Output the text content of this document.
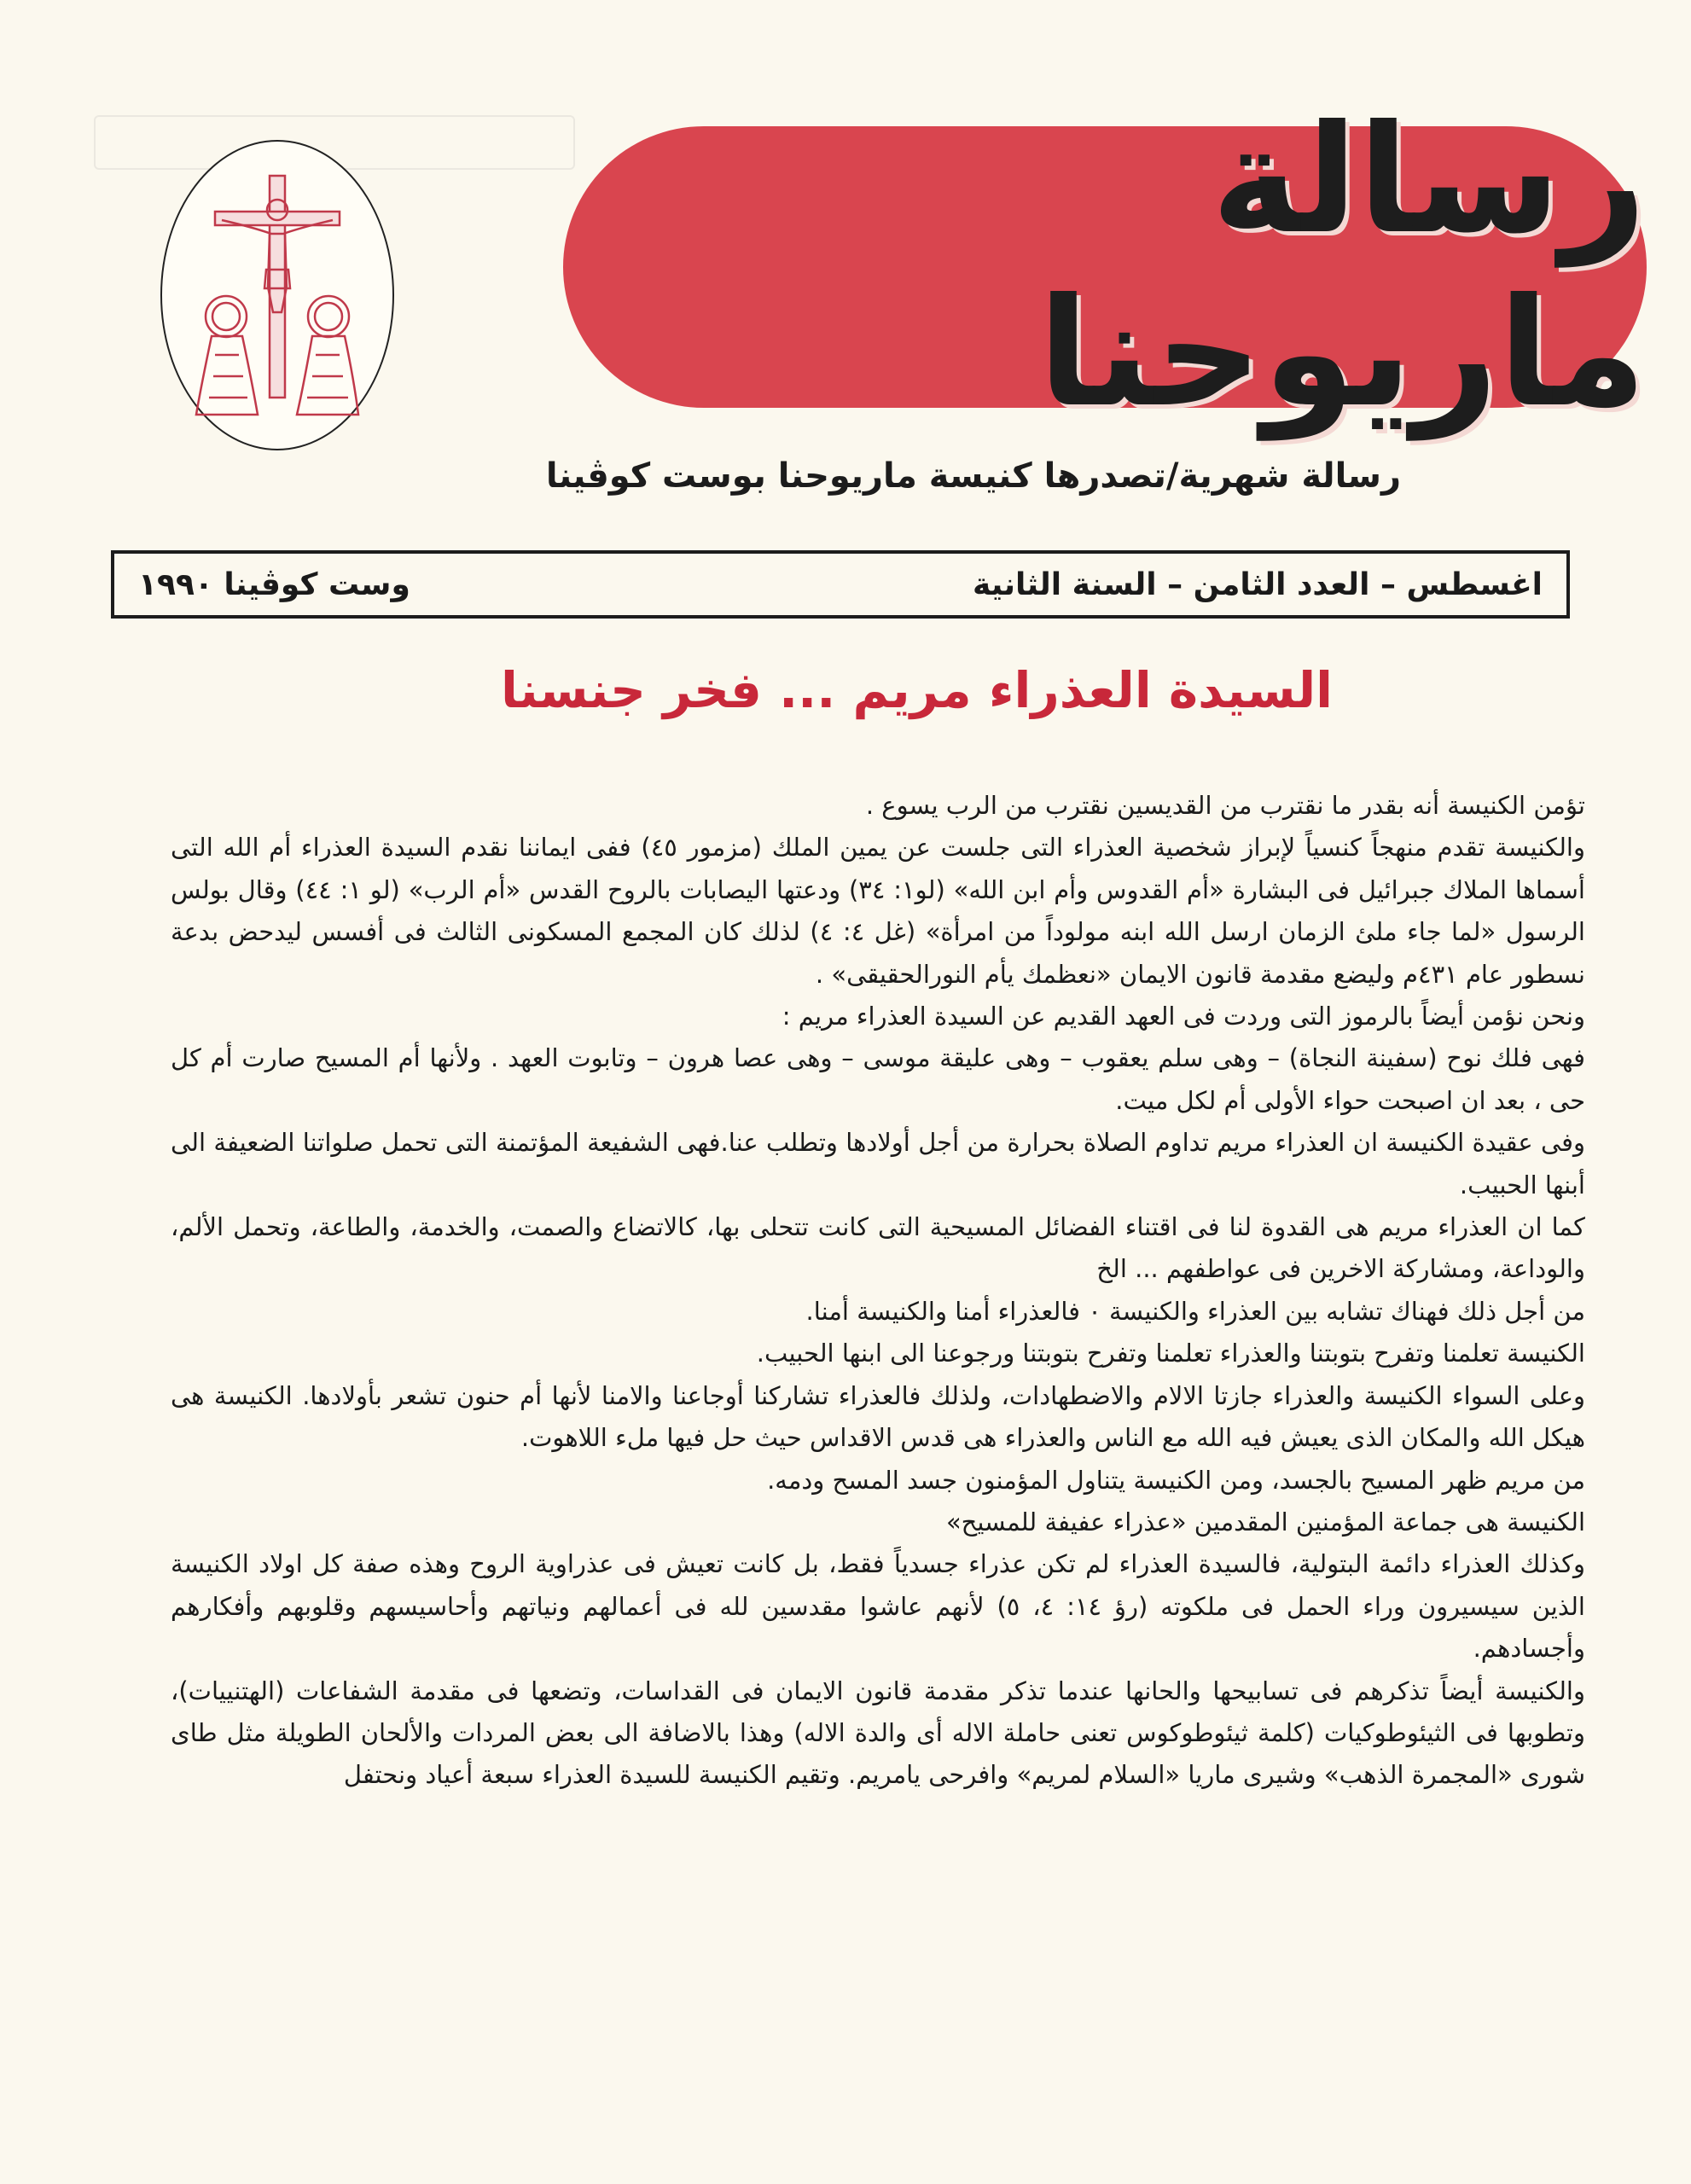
رسالة ماريوحنا
رسالة شهرية/تصدرها كنيسة ماريوحنا بوست كوڤينا
اغسطس – العدد الثامن – السنة الثانية
وست كوڤينا ١٩٩٠
السيدة العذراء مريم ... فخر جنسنا

تؤمن الكنيسة أنه بقدر ما نقترب من القديسين نقترب من الرب يسوع .

والكنيسة تقدم منهجاً كنسياً لإبراز شخصية العذراء التى جلست عن يمين الملك (مزمور ٤٥) ففى ايماننا نقدم السيدة العذراء أم الله التى أسماها الملاك جبرائيل فى البشارة «أم القدوس وأم ابن الله» (لو١: ٣٤) ودعتها اليصابات بالروح القدس «أم الرب» (لو ١: ٤٤) وقال بولس الرسول «لما جاء ملئ الزمان ارسل الله ابنه مولوداً من امرأة» (غل ٤: ٤) لذلك كان المجمع المسكونى الثالث فى أفسس ليدحض بدعة نسطور عام ٤٣١م وليضع مقدمة قانون الايمان «نعظمك يأم النورالحقيقى» .

ونحن نؤمن أيضاً بالرموز التى وردت فى العهد القديم عن السيدة العذراء مريم :

فهى فلك نوح (سفينة النجاة) – وهى سلم يعقوب – وهى عليقة موسى – وهى عصا هرون – وتابوت العهد . ولأنها أم المسيح صارت أم كل حى ، بعد ان اصبحت حواء الأولى أم لكل ميت.

وفى عقيدة الكنيسة ان العذراء مريم تداوم الصلاة بحرارة من أجل أولادها وتطلب عنا.فهى الشفيعة المؤتمنة التى تحمل صلواتنا الضعيفة الى أبنها الحبيب.

كما ان العذراء مريم هى القدوة لنا فى اقتناء الفضائل المسيحية التى كانت تتحلى بها، كالاتضاع والصمت، والخدمة، والطاعة، وتحمل الألم، والوداعة، ومشاركة الاخرين فى عواطفهم ... الخ

من أجل ذلك فهناك تشابه بين العذراء والكنيسة ٠ فالعذراء أمنا والكنيسة أمنا.

الكنيسة تعلمنا وتفرح بتوبتنا والعذراء تعلمنا وتفرح بتوبتنا ورجوعنا الى ابنها الحبيب.

وعلى السواء الكنيسة والعذراء جازتا الالام والاضطهادات، ولذلك فالعذراء تشاركنا أوجاعنا والامنا لأنها أم حنون تشعر بأولادها. الكنيسة هى هيكل الله والمكان الذى يعيش فيه الله مع الناس والعذراء هى قدس الاقداس حيث حل فيها ملء اللاهوت.

من مريم ظهر المسيح بالجسد، ومن الكنيسة يتناول المؤمنون جسد المسح ودمه.

الكنيسة هى جماعة المؤمنين المقدمين «عذراء عفيفة للمسيح»

وكذلك العذراء دائمة البتولية، فالسيدة العذراء لم تكن عذراء جسدياً فقط، بل كانت تعيش فى عذراوية الروح وهذه صفة كل اولاد الكنيسة الذين سيسيرون وراء الحمل فى ملكوته (رؤ ١٤: ٤، ٥) لأنهم عاشوا مقدسين لله فى أعمالهم ونياتهم وأحاسيسهم وقلوبهم وأفكارهم وأجسادهم.

والكنيسة أيضاً تذكرهم فى تسابيحها والحانها عندما تذكر مقدمة قانون الايمان فى القداسات، وتضعها فى مقدمة الشفاعات (الهتنييات)، وتطوبها فى الثيئوطوكيات (كلمة ثيئوطوكوس تعنى حاملة الاله أى والدة الاله) وهذا بالاضافة الى بعض المردات والألحان الطويلة مثل طاى شورى «المجمرة الذهب» وشيرى ماريا «السلام لمريم» وافرحى يامريم. وتقيم الكنيسة للسيدة العذراء سبعة أعياد ونحتفل
